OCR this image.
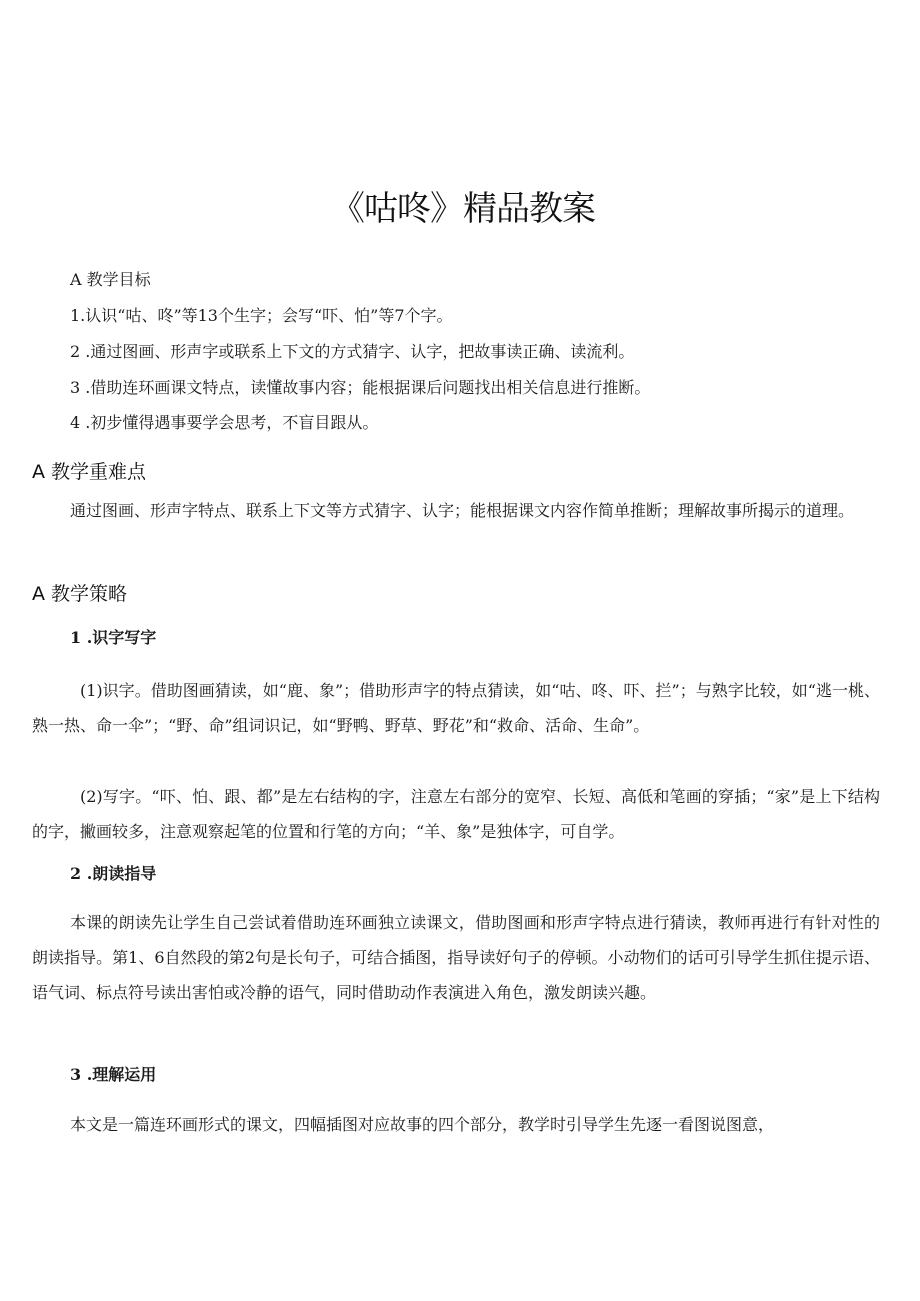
《咕咚》精品教案
A 教学目标
1.认识“咕、咚”等13个生字；会写“吓、怕”等7个字。
2 .通过图画、形声字或联系上下文的方式猜字、认字，把故事读正确、读流利。
3 .借助连环画课文特点，读懂故事内容；能根据课后问题找出相关信息进行推断。
4 .初步懂得遇事要学会思考，不盲目跟从。
A 教学重难点

通过图画、形声字特点、联系上下文等方式猜字、认字；能根据课文内容作简单推断；理解故事所揭示的道理。

A 教学策略
1 .识字写字

(1)识字。借助图画猜读，如“鹿、象”；借助形声字的特点猜读，如“咕、咚、吓、拦”；与熟字比较，如“逃一桃、熟一热、命一伞”；“野、命”组词识记，如“野鸭、野草、野花”和“救命、活命、生命”。

(2)写字。“吓、怕、跟、都”是左右结构的字，注意左右部分的宽窄、长短、高低和笔画的穿插；“家”是上下结构的字，撇画较多，注意观察起笔的位置和行笔的方向；“羊、象”是独体字，可自学。

2 .朗读指导

本课的朗读先让学生自己尝试着借助连环画独立读课文，借助图画和形声字特点进行猜读，教师再进行有针对性的朗读指导。第1、6自然段的第2句是长句子，可结合插图，指导读好句子的停顿。小动物们的话可引导学生抓住提示语、语气词、标点符号读出害怕或冷静的语气，同时借助动作表演进入角色，激发朗读兴趣。

3 .理解运用

本文是一篇连环画形式的课文，四幅插图对应故事的四个部分，教学时引导学生先逐一看图说图意，
